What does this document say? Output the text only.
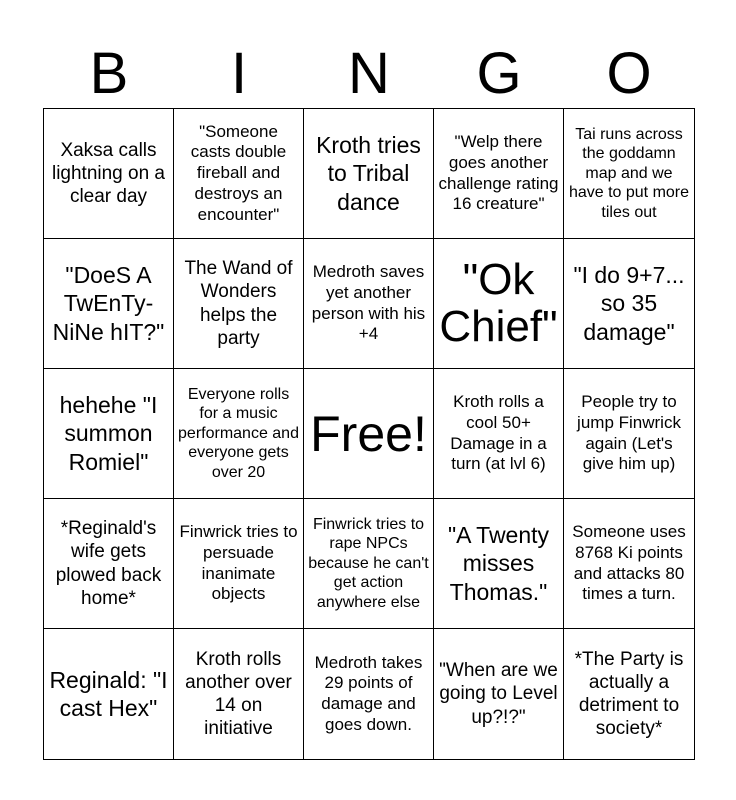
B	I	N	G	O
Xaksa calls lightning on a clear day
"Someone casts double fireball and destroys an encounter"
Kroth tries to Tribal dance
"Welp there goes another challenge rating 16 creature"
Tai runs across the goddamn map and we have to put more tiles out
"DoeS A TwEnTy-NiNe hIT?"
The Wand of Wonders helps the party
Medroth saves yet another person with his +4
"Ok Chief"
"I do 9+7... so 35 damage"
hehehe "I summon Romiel"
Everyone rolls for a music performance and everyone gets over 20
Free!
Kroth rolls a cool 50+ Damage in a turn (at lvl 6)
People try to jump Finwrick again (Let's give him up)
*Reginald's wife gets plowed back home*
Finwrick tries to persuade inanimate objects
Finwrick tries to rape NPCs because he can't get action anywhere else
"A Twenty misses Thomas."
Someone uses 8768 Ki points and attacks 80 times a turn.
Reginald: "I cast Hex"
Kroth rolls another over 14 on initiative
Medroth takes 29 points of damage and goes down.
"When are we going to Level up?!?"
*The Party is actually a detriment to society*
